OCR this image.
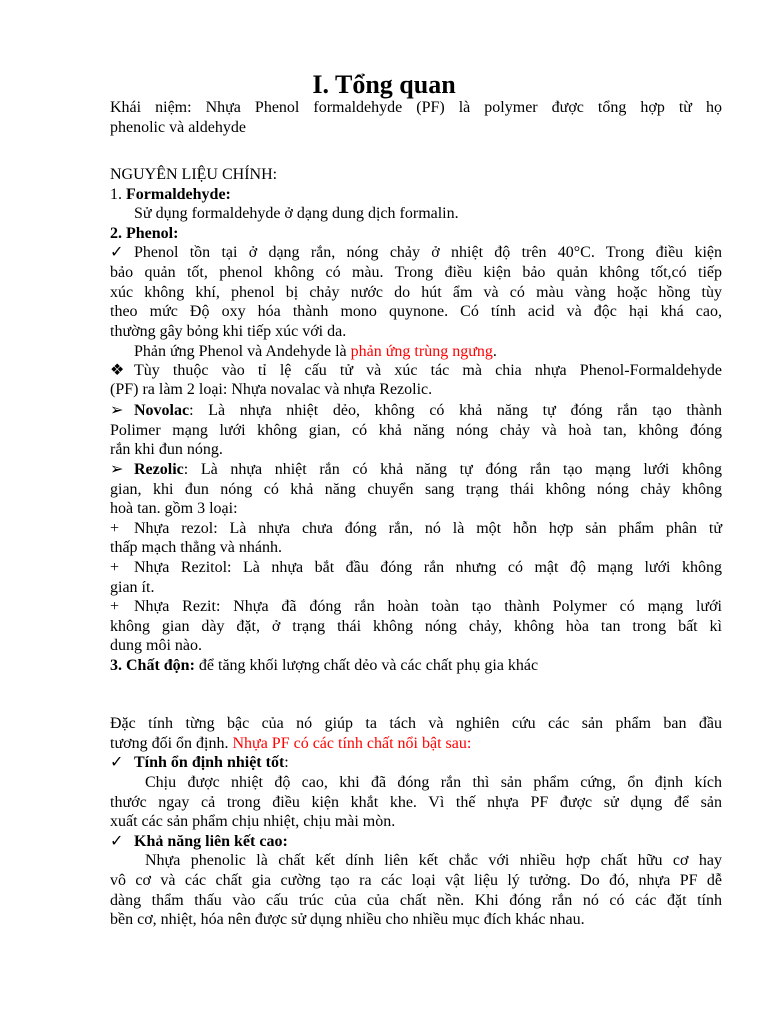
I. Tổng quan
Khái niệm: Nhựa Phenol formaldehyde (PF) là polymer được tổng hợp từ họ
phenolic và aldehyde
NGUYÊN LIỆU CHÍNH:
1. Formaldehyde:
Sử dụng formaldehyde ở dạng dung dịch formalin.
2. Phenol:
✓ Phenol tồn tại ở dạng rắn, nóng chảy ở nhiệt độ trên 40°C. Trong điều kiện
bảo quản tốt, phenol không có màu. Trong điều kiện bảo quản không tốt,có tiếp
xúc không khí, phenol bị chảy nước do hút ẩm và có màu vàng hoặc hồng tùy
theo mức Độ oxy hóa thành mono quynone. Có tính acid và độc hại khá cao,
thường gây bỏng khi tiếp xúc với da.
Phản ứng Phenol và Andehyde là phản ứng trùng ngưng.
❖ Tùy thuộc vào tỉ lệ cấu tử và xúc tác mà chia nhựa Phenol-Formaldehyde
(PF) ra làm 2 loại: Nhựa novalac và nhựa Rezolic.
➢ Novolac: Là nhựa nhiệt dẻo, không có khả năng tự đóng rắn tạo thành
Polimer mạng lưới không gian, có khả năng nóng chảy và hoà tan, không đóng
rắn khi đun nóng.
➢ Rezolic: Là nhựa nhiệt rắn có khả năng tự đóng rắn tạo mạng lưới không
gian, khi đun nóng có khả năng chuyển sang trạng thái không nóng chảy không
hoà tan. gồm 3 loại:
+ Nhựa rezol: Là nhựa chưa đóng rắn, nó là một hỗn hợp sản phẩm phân tử
thấp mạch thẳng và nhánh.
+ Nhựa Rezitol: Là nhựa bắt đầu đóng rắn nhưng có mật độ mạng lưới không
gian ít.
+ Nhựa Rezit: Nhựa đã đóng rắn hoàn toàn tạo thành Polymer có mạng lưới
không gian dày đặt, ở trạng thái không nóng chảy, không hòa tan trong bất kì
dung môi nào.
3. Chất độn: để tăng khối lượng chất dẻo và các chất phụ gia khác
Đặc tính từng bậc của nó giúp ta tách và nghiên cứu các sản phẩm ban đầu
tương đối ổn định. Nhựa PF có các tính chất nổi bật sau:
✓ Tính ổn định nhiệt tốt:
Chịu được nhiệt độ cao, khi đã đóng rắn thì sản phẩm cứng, ổn định kích
thước ngay cả trong điều kiện khắt khe. Vì thế nhựa PF được sử dụng để sản
xuất các sản phẩm chịu nhiệt, chịu mài mòn.
✓ Khả năng liên kết cao:
Nhựa phenolic là chất kết dính liên kết chắc với nhiều hợp chất hữu cơ hay
vô cơ và các chất gia cường tạo ra các loại vật liệu lý tưởng. Do đó, nhựa PF dễ
dàng thẩm thấu vào cấu trúc của của chất nền. Khi đóng rắn nó có các đặt tính
bền cơ, nhiệt, hóa nên được sử dụng nhiều cho nhiều mục đích khác nhau.
